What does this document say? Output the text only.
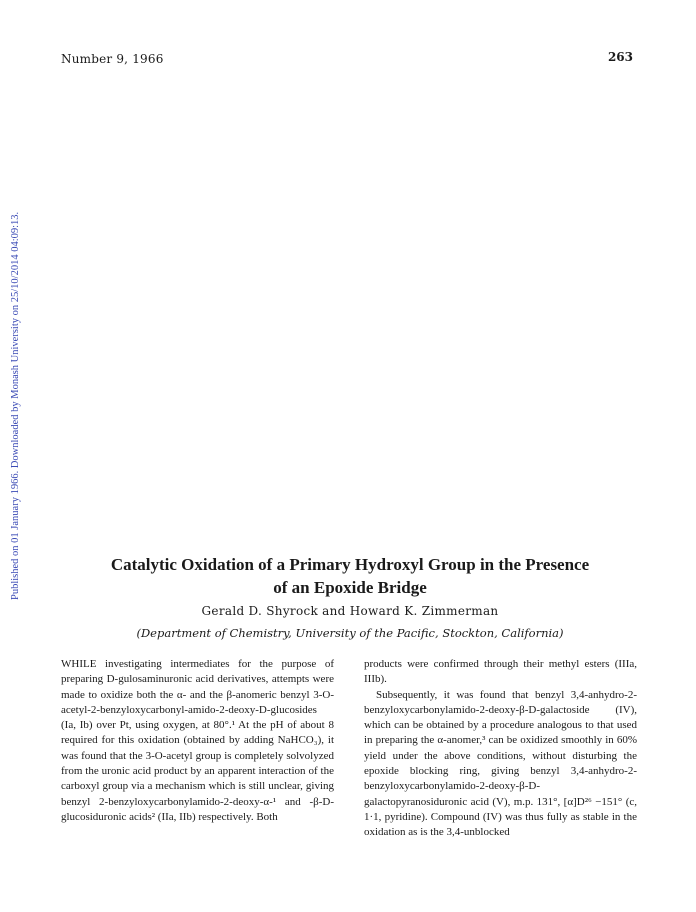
Number 9, 1966	263
Published on 01 January 1966. Downloaded by Monash University on 25/10/2014 04:09:13.	Catalytic Oxidation of a Primary Hydroxyl Group in the Presence
of an Epoxide Bridge
Gerald D. Shyrock and Howard K. Zimmerman
(Department of Chemistry, University of the Pacific, Stockton, California)

WHILE investigating intermediates for the purpose of preparing D-gulosaminuronic acid derivatives, attempts were made to oxidize both the α- and the β-anomeric benzyl 3-O-acetyl-2-benzyloxycarbonyl-amido-2-deoxy-D-glucosides (Ia, Ib) over Pt, using oxygen, at 80°.¹ At the pH of about 8 required for this oxidation (obtained by adding NaHCO₃), it was found that the 3-O-acetyl group is completely solvolyzed from the uronic acid product by an apparent interaction of the carboxyl group via a mechanism which is still unclear, giving benzyl 2-benzyloxycarbonylamido-2-deoxy-α-¹ and -β-D-glucosiduronic acids² (IIa, IIb) respectively. Both

products were confirmed through their methyl esters (IIIa, IIIb).

Subsequently, it was found that benzyl 3,4-anhydro-2-benzyloxycarbonylamido-2-deoxy-β-D-galactoside (IV), which can be obtained by a procedure analogous to that used in preparing the α-anomer,³ can be oxidized smoothly in 60% yield under the above conditions, without disturbing the epoxide blocking ring, giving benzyl 3,4-anhydro-2-benzyloxycarbonylamido-2-deoxy-β-D-galactopyranosiduronic acid (V), m.p. 131°, [α]D²⁶ −151° (c, 1·1, pyridine). Compound (IV) was thus fully as stable in the oxidation as is the 3,4-unblocked
